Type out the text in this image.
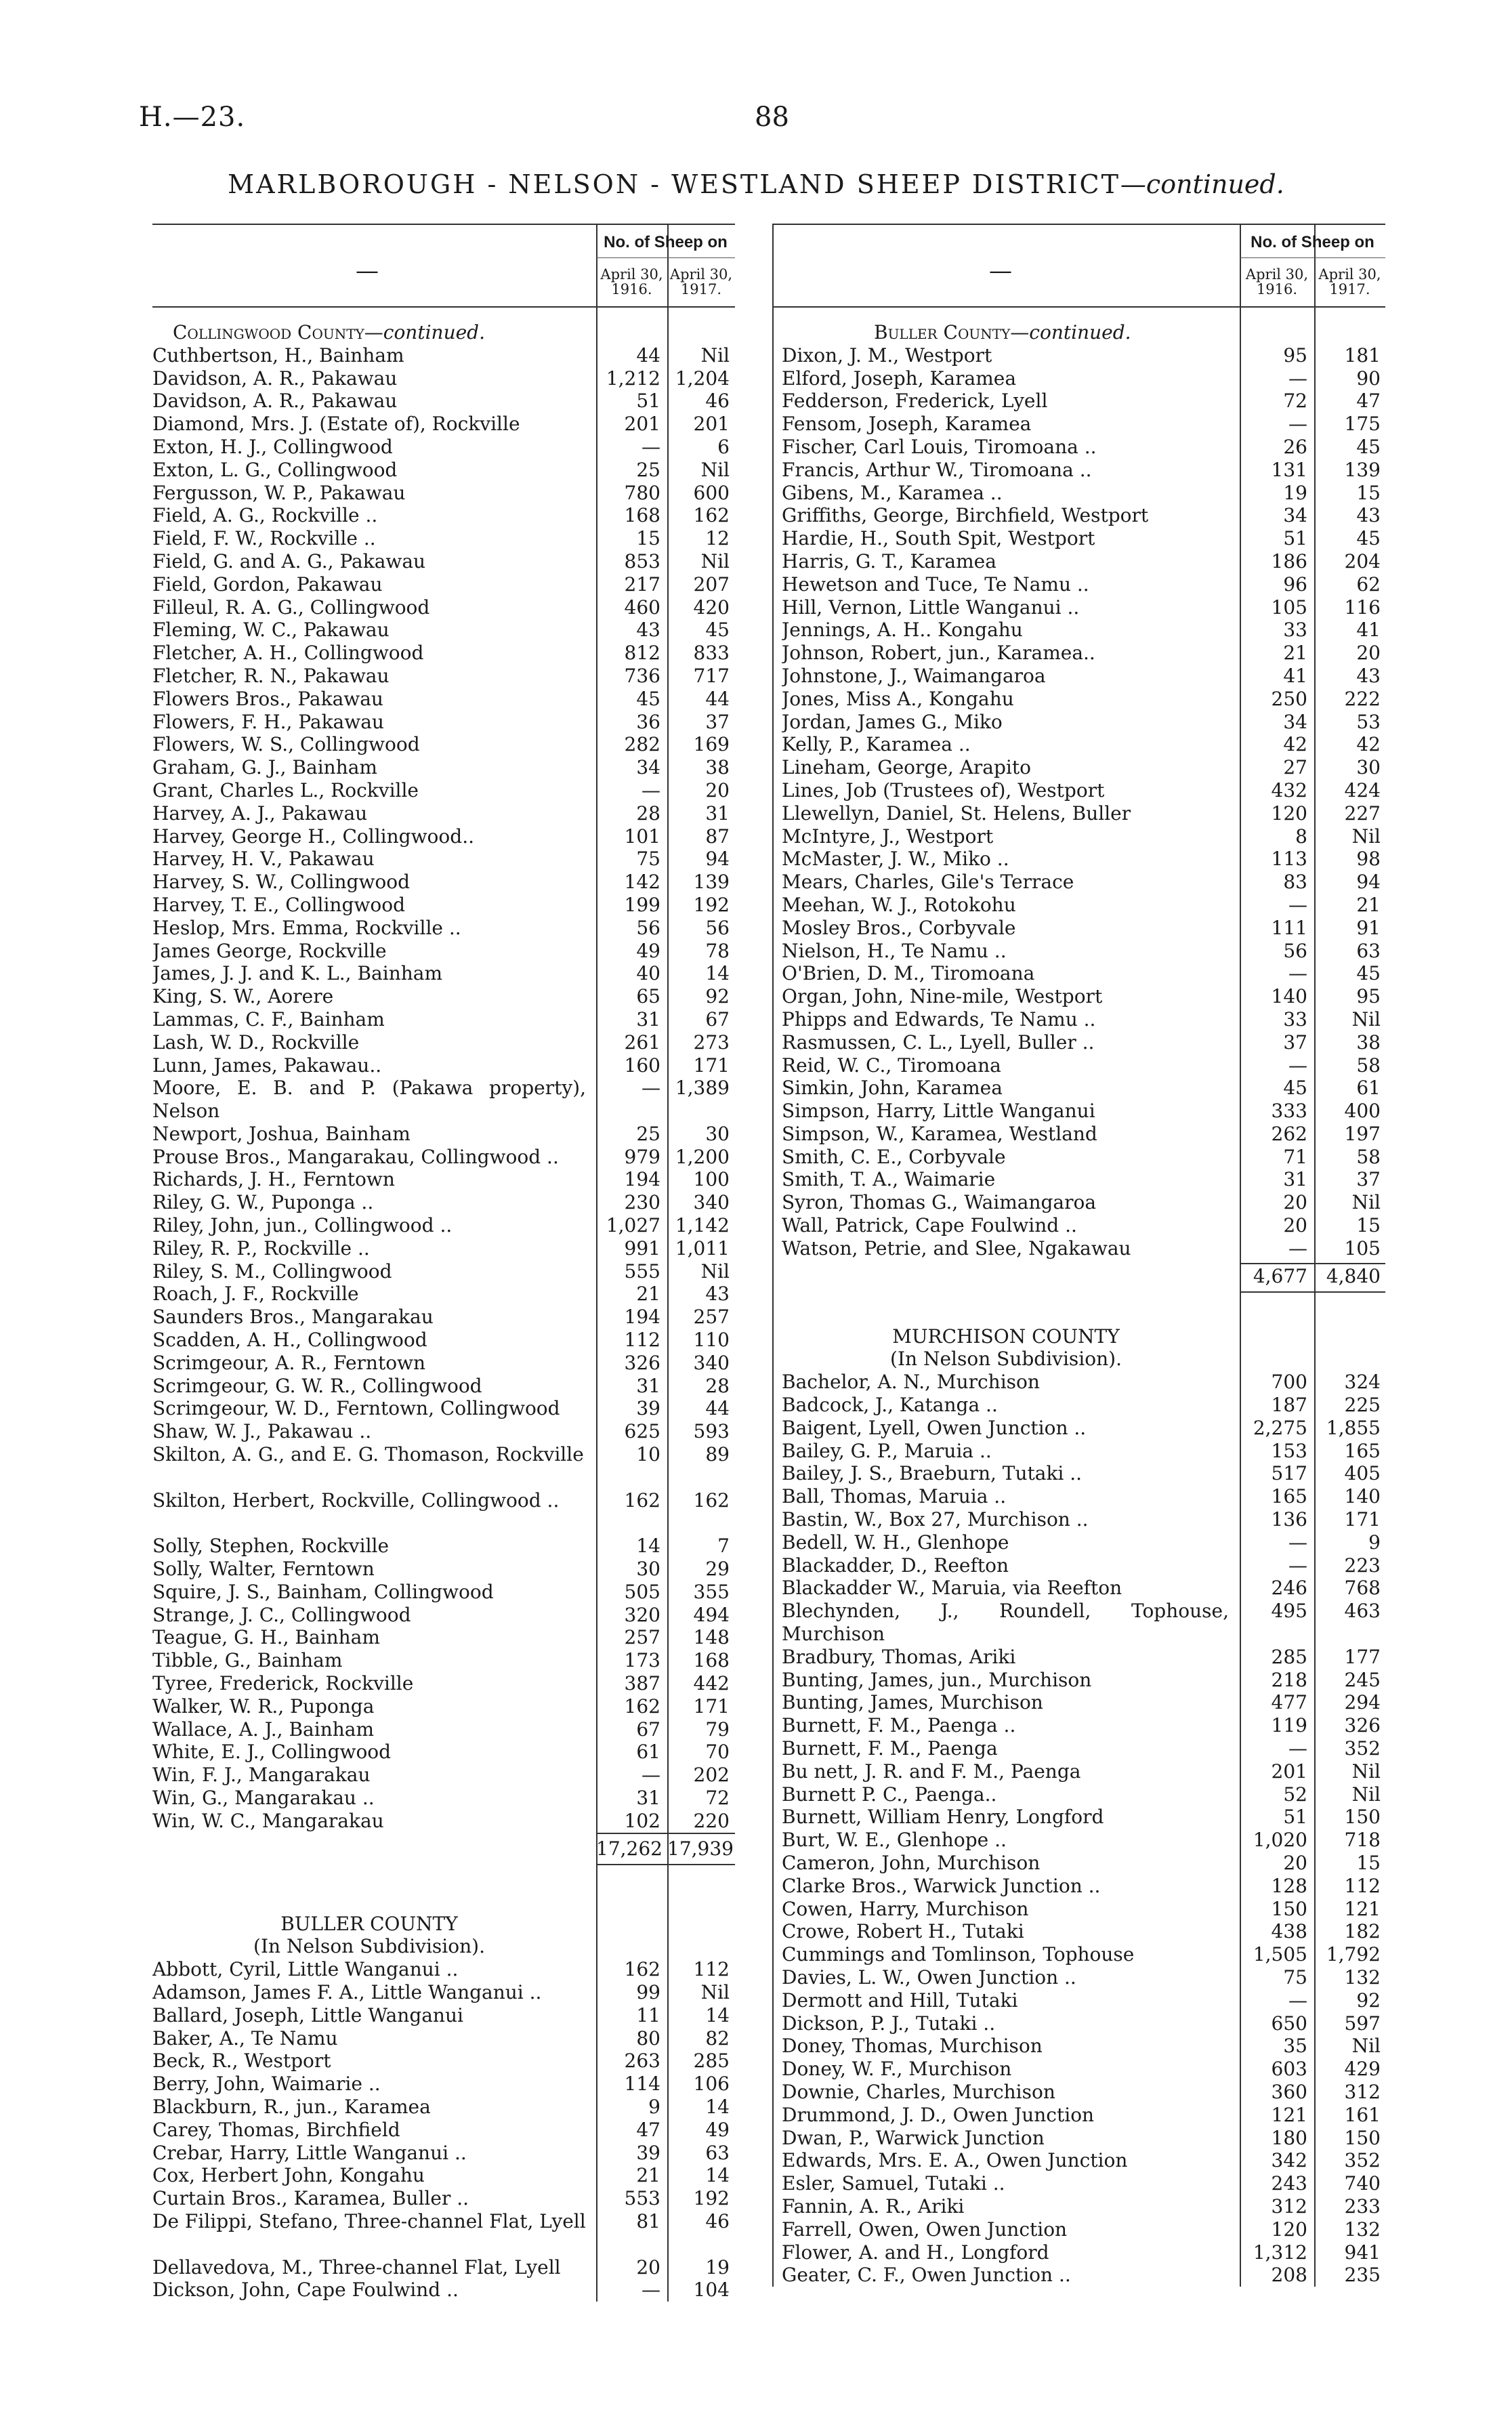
H.—23.	88
MARLBOROUGH - NELSON - WESTLAND SHEEP DISTRICT—continued.
—
No. of Sheep on
April 30,
1916.
April 30,
1917.
Collingwood County—continued.
Cuthbertson, H., Bainham	44	Nil
Davidson, A. R., Pakawau	1,212 1,204
Davidson, A. R., Pakawau	51	46
Diamond, Mrs. J. (Estate of), Rockville	201	201
Exton, H. J., Collingwood	—	6
Exton, L. G., Collingwood	25	Nil
Fergusson, W. P., Pakawau	780	600
Field, A. G., Rockville ..	168	162
Field, F. W., Rockville ..	15	12
Field, G. and A. G., Pakawau	853	Nil
Field, Gordon, Pakawau	217	207
Filleul, R. A. G., Collingwood	460	420
Fleming, W. C., Pakawau	43	45
Fletcher, A. H., Collingwood	812	833
Fletcher, R. N., Pakawau	736	717
Flowers Bros., Pakawau	45	44
Flowers, F. H., Pakawau	36	37
Flowers, W. S., Collingwood	282	169
Graham, G. J., Bainham	34	38
Grant, Charles L., Rockville	—	20
Harvey, A. J., Pakawau	28	31
Harvey, George H., Collingwood..	101	87
Harvey, H. V., Pakawau	75	94
Harvey, S. W., Collingwood	142	139
Harvey, T. E., Collingwood	199	192
Heslop, Mrs. Emma, Rockville ..	56	56
James George, Rockville	49	78
James, J. J. and K. L., Bainham	40	14
King, S. W., Aorere	65	92
Lammas, C. F., Bainham	31	67
Lash, W. D., Rockville	261	273
Lunn, James, Pakawau..	160	171
Moore, E. B. and P. (Pakawa property), Nelson
— 1,389
Newport, Joshua, Bainham	25	30
Prouse Bros., Mangarakau, Collingwood ..	979 1,200
Richards, J. H., Ferntown	194	100
Riley, G. W., Puponga ..	230	340
Riley, John, jun., Collingwood ..	1,027 1,142
Riley, R. P., Rockville ..	991 1,011
Riley, S. M., Collingwood	555	Nil
Roach, J. F., Rockville	21	43
Saunders Bros., Mangarakau	194	257
Scadden, A. H., Collingwood	112	110
Scrimgeour, A. R., Ferntown	326	340
Scrimgeour, G. W. R., Collingwood	31	28
Scrimgeour, W. D., Ferntown, Collingwood	39	44
Shaw, W. J., Pakawau ..	625	593
Skilton, A. G., and E. G. Thomason, Rockville	10	89
Skilton, Herbert, Rockville, Collingwood ..	162	162
Solly, Stephen, Rockville	14	7
Solly, Walter, Ferntown	30	29
Squire, J. S., Bainham, Collingwood	505	355
Strange, J. C., Collingwood	320	494
Teague, G. H., Bainham	257	148
Tibble, G., Bainham	173	168
Tyree, Frederick, Rockville	387	442
Walker, W. R., Puponga	162	171
Wallace, A. J., Bainham	67	79
White, E. J., Collingwood	61	70
Win, F. J., Mangarakau	—	202
Win, G., Mangarakau ..	31	72
Win, W. C., Mangarakau	102	220
17,262 17,939
BULLER COUNTY
(In Nelson Subdivision).
Abbott, Cyril, Little Wanganui ..	162	112
Adamson, James F. A., Little Wanganui ..	99	Nil
Ballard, Joseph, Little Wanganui	11	14
Baker, A., Te Namu	80	82
Beck, R., Westport	263	285
Berry, John, Waimarie ..	114	106
Blackburn, R., jun., Karamea	9	14
Carey, Thomas, Birchfield	47	49
Crebar, Harry, Little Wanganui ..	39	63
Cox, Herbert John, Kongahu	21	14
Curtain Bros., Karamea, Buller ..	553	192
De Filippi, Stefano, Three-channel Flat, Lyell	81	46
Dellavedova, M., Three-channel Flat, Lyell	20	19
Dickson, John, Cape Foulwind ..	—	104
—
No. of Sheep on
April 30,
1916.
April 30,
1917.
Buller County—continued.
Dixon, J. M., Westport	95	181
Elford, Joseph, Karamea	—	90
Fedderson, Frederick, Lyell	72	47
Fensom, Joseph, Karamea	—	175
Fischer, Carl Louis, Tiromoana ..	26	45
Francis, Arthur W., Tiromoana ..	131	139
Gibens, M., Karamea ..	19	15
Griffiths, George, Birchfield, Westport	34	43
Hardie, H., South Spit, Westport	51	45
Harris, G. T., Karamea	186	204
Hewetson and Tuce, Te Namu ..	96	62
Hill, Vernon, Little Wanganui ..	105	116
Jennings, A. H.. Kongahu	33	41
Johnson, Robert, jun., Karamea..	21	20
Johnstone, J., Waimangaroa	41	43
Jones, Miss A., Kongahu	250	222
Jordan, James G., Miko	34	53
Kelly, P., Karamea ..	42	42
Lineham, George, Arapito	27	30
Lines, Job (Trustees of), Westport	432	424
Llewellyn, Daniel, St. Helens, Buller	120	227
McIntyre, J., Westport	8	Nil
McMaster, J. W., Miko ..	113	98
Mears, Charles, Gile's Terrace	83	94
Meehan, W. J., Rotokohu	—	21
Mosley Bros., Corbyvale	111	91
Nielson, H., Te Namu ..	56	63
O'Brien, D. M., Tiromoana	—	45
Organ, John, Nine-mile, Westport	140	95
Phipps and Edwards, Te Namu ..	33	Nil
Rasmussen, C. L., Lyell, Buller ..	37	38
Reid, W. C., Tiromoana	—	58
Simkin, John, Karamea	45	61
Simpson, Harry, Little Wanganui	333	400
Simpson, W., Karamea, Westland	262	197
Smith, C. E., Corbyvale	71	58
Smith, T. A., Waimarie	31	37
Syron, Thomas G., Waimangaroa	20	Nil
Wall, Patrick, Cape Foulwind ..	20	15
Watson, Petrie, and Slee, Ngakawau	—	105
4,677 4,840
MURCHISON COUNTY
(In Nelson Subdivision).
Bachelor, A. N., Murchison	700	324
Badcock, J., Katanga ..	187	225
Baigent, Lyell, Owen Junction ..	2,275 1,855
Bailey, G. P., Maruia ..	153	165
Bailey, J. S., Braeburn, Tutaki ..	517	405
Ball, Thomas, Maruia ..	165	140
Bastin, W., Box 27, Murchison ..	136	171
Bedell, W. H., Glenhope	—	9
Blackadder, D., Reefton	—	223
Blackadder W., Maruia, via Reefton	246	768
Blechynden, J., Roundell, Tophouse, Murchison
495	463
Bradbury, Thomas, Ariki	285	177
Bunting, James, jun., Murchison	218	245
Bunting, James, Murchison	477	294
Burnett, F. M., Paenga ..	119	326
Burnett, F. M., Paenga	—	352
Bu nett, J. R. and F. M., Paenga	201	Nil
Burnett P. C., Paenga..	52	Nil
Burnett, William Henry, Longford	51	150
Burt, W. E., Glenhope ..	1,020	718
Cameron, John, Murchison	20	15
Clarke Bros., Warwick Junction ..	128	112
Cowen, Harry, Murchison	150	121
Crowe, Robert H., Tutaki	438	182
Cummings and Tomlinson, Tophouse	1,505 1,792
Davies, L. W., Owen Junction ..	75	132
Dermott and Hill, Tutaki	—	92
Dickson, P. J., Tutaki ..	650	597
Doney, Thomas, Murchison	35	Nil
Doney, W. F., Murchison	603	429
Downie, Charles, Murchison	360	312
Drummond, J. D., Owen Junction	121	161
Dwan, P., Warwick Junction	180	150
Edwards, Mrs. E. A., Owen Junction	342	352
Esler, Samuel, Tutaki ..	243	740
Fannin, A. R., Ariki	312	233
Farrell, Owen, Owen Junction	120	132
Flower, A. and H., Longford	1,312	941
Geater, C. F., Owen Junction ..	208	235
